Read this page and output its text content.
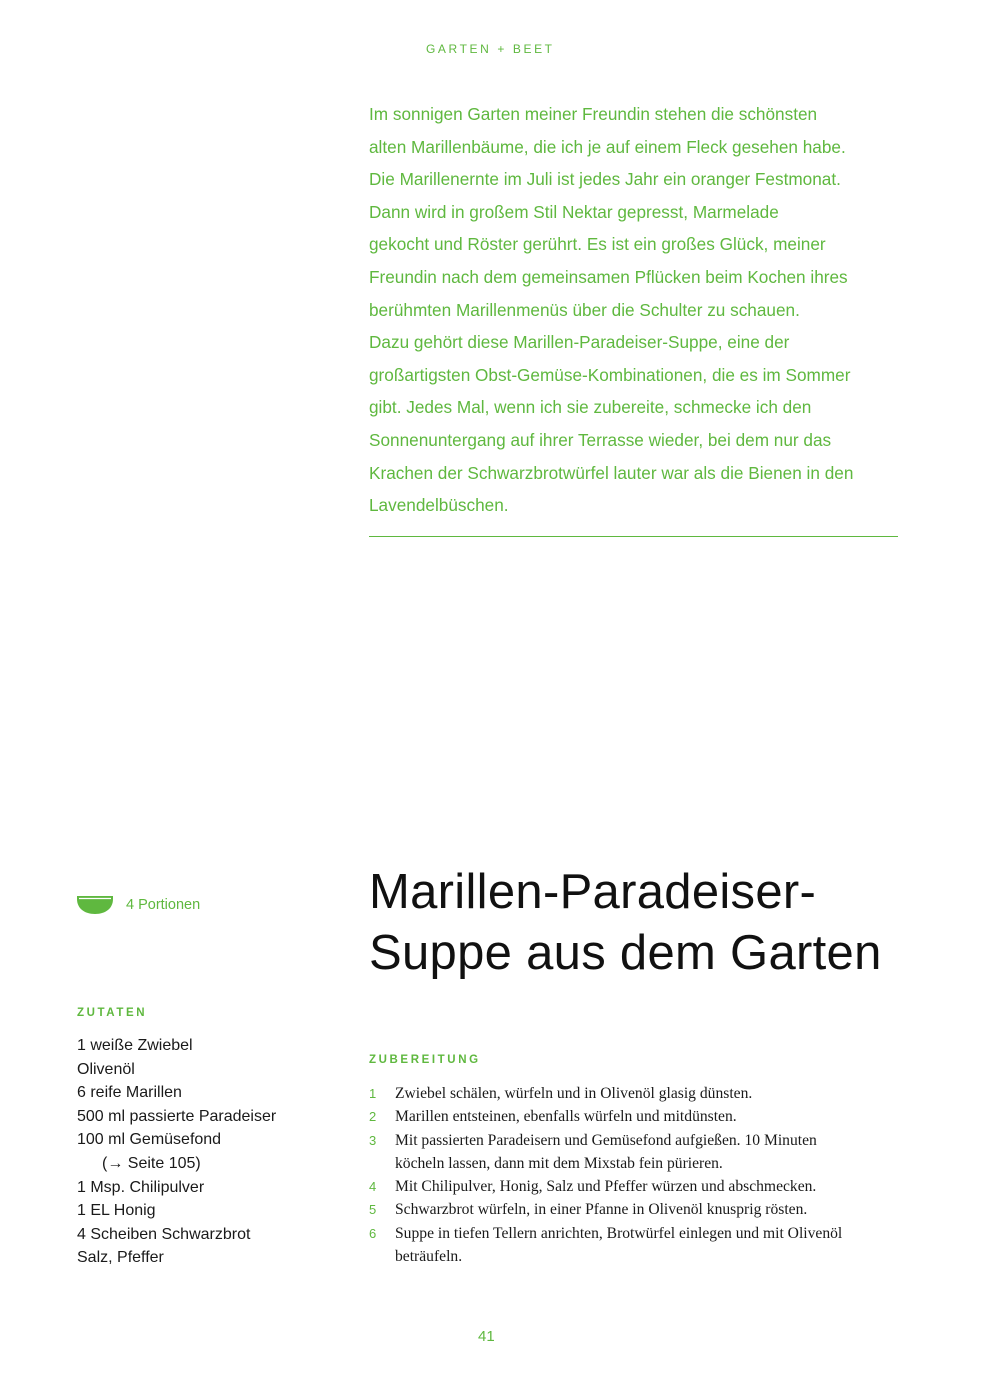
GARTEN + BEET

Im sonnigen Garten meiner Freundin stehen die schönsten
alten Marillenbäume, die ich je auf einem Fleck gesehen habe.
Die Marillenernte im Juli ist jedes Jahr ein oranger Festmonat.
Dann wird in großem Stil Nektar gepresst, Marmelade
gekocht und Röster gerührt. Es ist ein großes Glück, meiner
Freundin nach dem gemeinsamen Pflücken beim Kochen ihres
berühmten Marillenmenüs über die Schulter zu schauen.
Dazu gehört diese Marillen-Paradeiser-Suppe, eine der
großartigsten Obst-Gemüse-Kombinationen, die es im Sommer
gibt. Jedes Mal, wenn ich sie zubereite, schmecke ich den
Sonnenuntergang auf ihrer Terrasse wieder, bei dem nur das
Krachen der Schwarzbrotwürfel lauter war als die Bienen in den
Lavendelbüschen.

4 Portionen	Marillen-Paradeiser-
Suppe aus dem Garten
ZUTATEN
1 weiße Zwiebel
Olivenöl
6 reife Marillen
500 ml passierte Paradeiser
100 ml Gemüsefond
(→ Seite 105)
1 Msp. Chilipulver
1 EL Honig
4 Scheiben Schwarzbrot
Salz, Pfeffer
ZUBEREITUNG
1	Zwiebel schälen, würfeln und in Olivenöl glasig dünsten.
2	Marillen entsteinen, ebenfalls würfeln und mitdünsten.
3	Mit passierten Paradeisern und Gemüsefond aufgießen. 10 Minuten
köcheln lassen, dann mit dem Mixstab fein pürieren.
4	Mit Chilipulver, Honig, Salz und Pfeffer würzen und abschmecken.
5	Schwarzbrot würfeln, in einer Pfanne in Olivenöl knusprig rösten.
6	Suppe in tiefen Tellern anrichten, Brotwürfel einlegen und mit Olivenöl
beträufeln.
41
